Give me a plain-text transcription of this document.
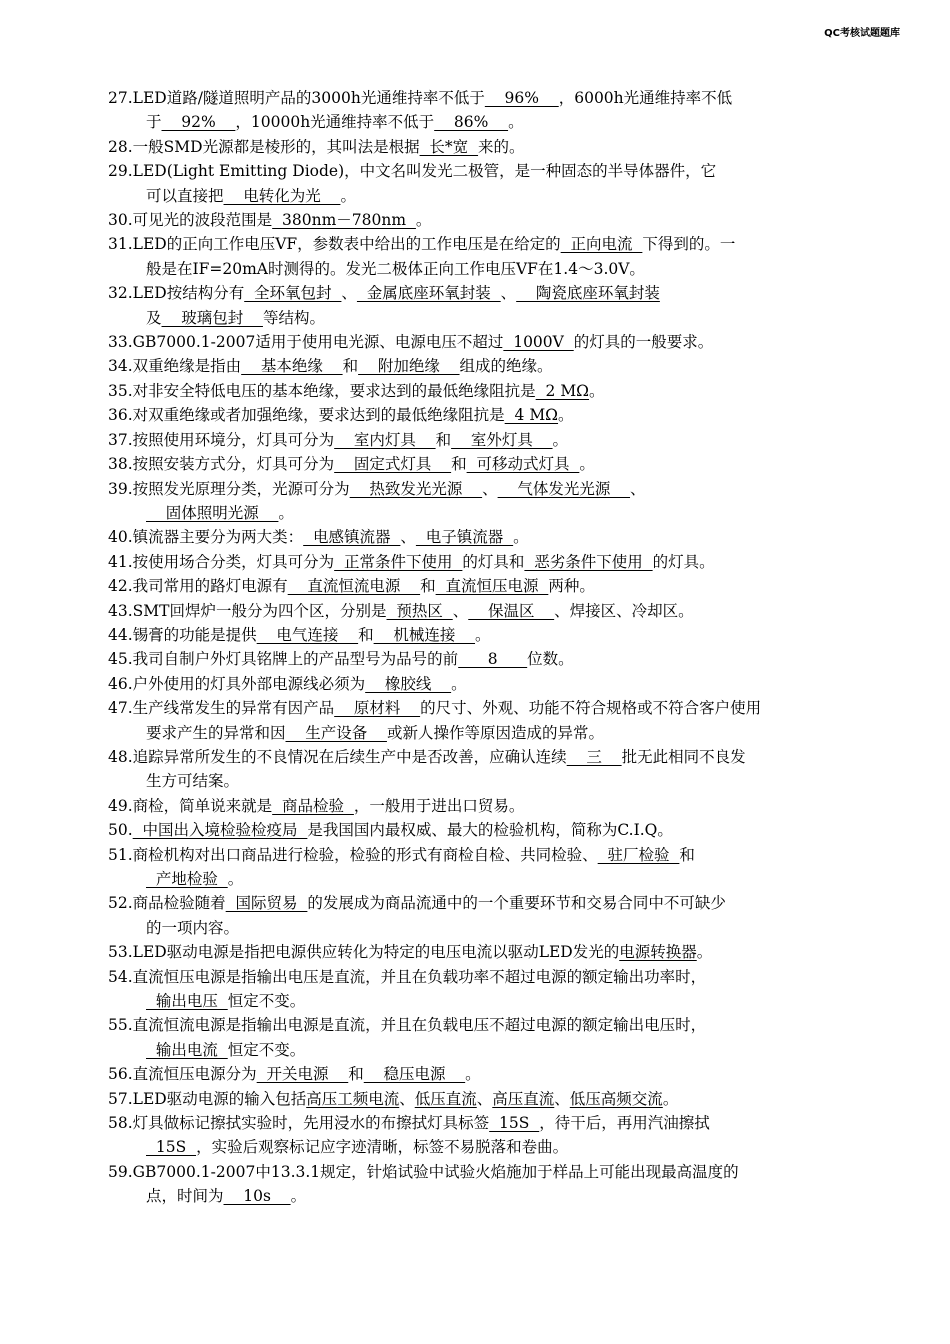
QC考核试题题库
27.LED道路/隧道照明产品的3000h光通维持率不低于    96%    ，6000h光通维持率不低
于    92%    ，10000h光通维持率不低于    86%    。
28.一般SMD光源都是棱形的，其叫法是根据  长*宽  来的。
29.LED(Light Emitting Diode)，中文名叫发光二极管，是一种固态的半导体器件，它
可以直接把    电转化为光    。
30.可见光的波段范围是  380nm－780nm  。
31.LED的正向工作电压VF，参数表中给出的工作电压是在给定的  正向电流  下得到的。一
般是在IF=20mA时测得的。发光二极体正向工作电压VF在1.4～3.0V。
32.LED按结构分有  全环氧包封  、  金属底座环氧封装  、    陶瓷底座环氧封装
及    玻璃包封    等结构。
33.GB7000.1-2007适用于使用电光源、电源电压不超过  1000V  的灯具的一般要求。
34.双重绝缘是指由    基本绝缘    和    附加绝缘    组成的绝缘。
35.对非安全特低电压的基本绝缘，要求达到的最低绝缘阻抗是  2 MΩ。
36.对双重绝缘或者加强绝缘，要求达到的最低绝缘阻抗是  4 MΩ。
37.按照使用环境分，灯具可分为    室内灯具    和    室外灯具    。
38.按照安装方式分，灯具可分为    固定式灯具    和  可移动式灯具  。
39.按照发光原理分类，光源可分为    热致发光光源    、    气体发光光源    、
固体照明光源    。
40.镇流器主要分为两大类：  电感镇流器  、  电子镇流器  。
41.按使用场合分类，灯具可分为  正常条件下使用  的灯具和  恶劣条件下使用  的灯具。
42.我司常用的路灯电源有    直流恒流电源    和  直流恒压电源  两种。
43.SMT回焊炉一般分为四个区，分别是  预热区  、    保温区    、焊接区、冷却区。
44.锡膏的功能是提供    电气连接    和    机械连接    。
45.我司自制户外灯具铭牌上的产品型号为品号的前      8      位数。
46.户外使用的灯具外部电源线必须为    橡胶线    。
47.生产线常发生的异常有因产品    原材料    的尺寸、外观、功能不符合规格或不符合客户使用
要求产生的异常和因    生产设备    或新人操作等原因造成的异常。
48.追踪异常所发生的不良情况在后续生产中是否改善，应确认连续    三    批无此相同不良发
生方可结案。
49.商检，简单说来就是  商品检验  ，一般用于进出口贸易。
50.  中国出入境检验检疫局  是我国国内最权威、最大的检验机构，简称为C.I.Q。
51.商检机构对出口商品进行检验，检验的形式有商检自检、共同检验、  驻厂检验  和
产地检验  。
52.商品检验随着  国际贸易  的发展成为商品流通中的一个重要环节和交易合同中不可缺少
的一项内容。
53.LED驱动电源是指把电源供应转化为特定的电压电流以驱动LED发光的电源转换器。
54.直流恒压电源是指输出电压是直流，并且在负载功率不超过电源的额定输出功率时，
输出电压  恒定不变。
55.直流恒流电源是指输出电源是直流，并且在负载电压不超过电源的额定输出电压时，
输出电流  恒定不变。
56.直流恒压电源分为  开关电源    和    稳压电源    。
57.LED驱动电源的输入包括高压工频电流、低压直流、高压直流、低压高频交流。
58.灯具做标记擦拭实验时，先用浸水的布擦拭灯具标签  15S  ，待干后，再用汽油擦拭
15S  ，实验后观察标记应字迹清晰，标签不易脱落和卷曲。
59.GB7000.1-2007中13.3.1规定，针焰试验中试验火焰施加于样品上可能出现最高温度的
点，时间为    10s    。
